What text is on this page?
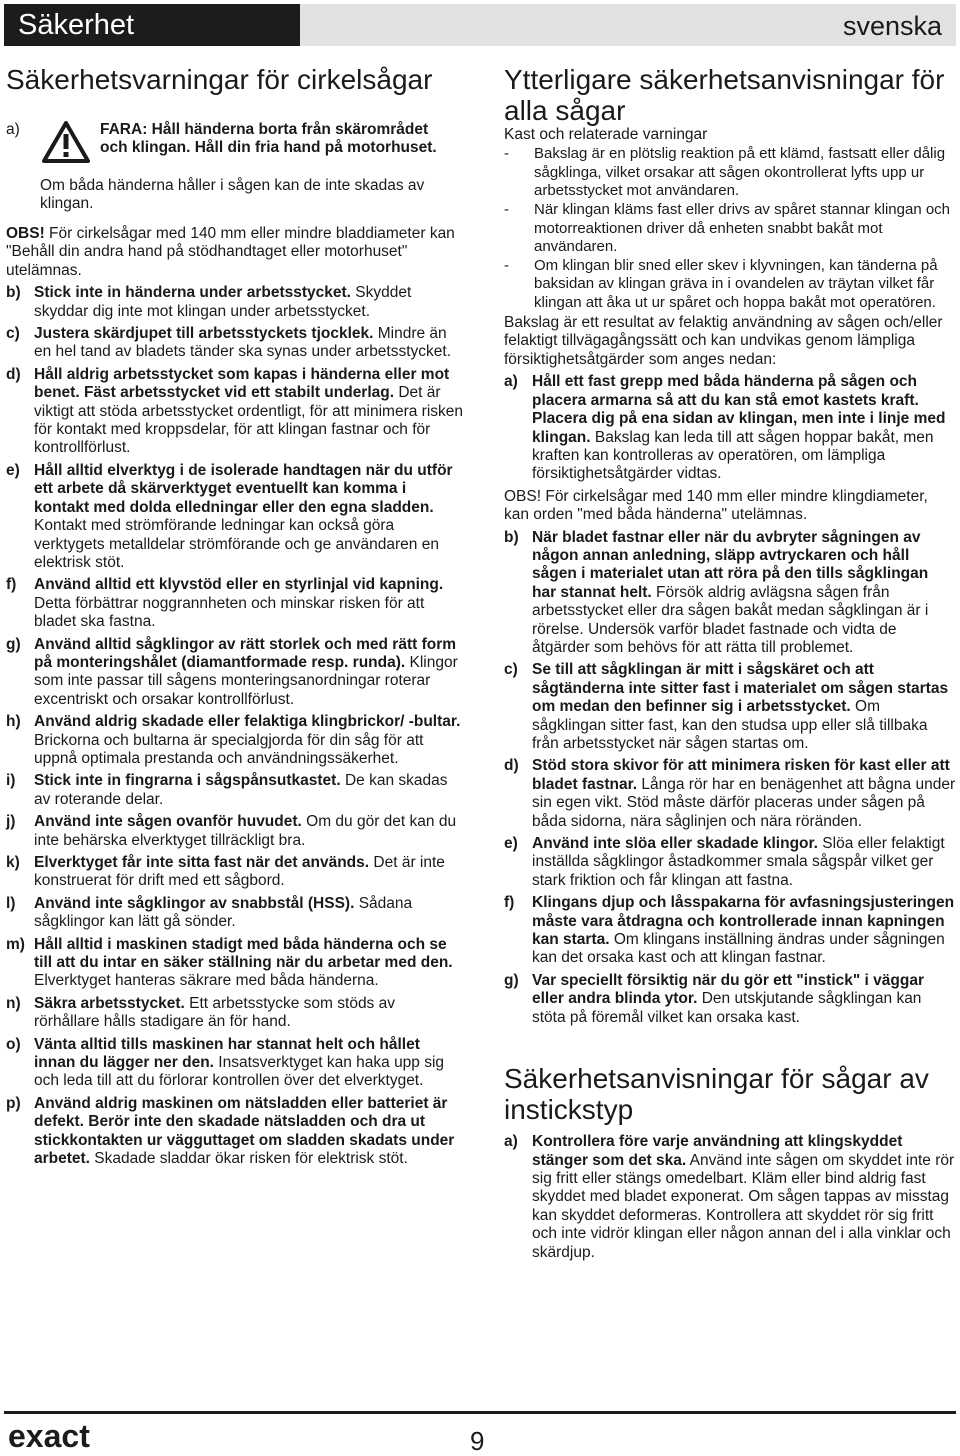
Säkerhet	svenska
Säkerhetsvarningar för cirkelsågar
a)	FARA: Håll händerna borta från skärområdet och klingan. Håll din fria hand på motorhuset.
Om båda händerna håller i sågen kan de inte skadas av klingan.
OBS! För cirkelsågar med 140 mm eller mindre bladdiameter kan "Behåll din andra hand på stödhandtaget eller motorhuset" utelämnas.
b) Stick inte in händerna under arbetsstycket. Skyddet skyddar dig inte mot klingan under arbetsstycket.
c) Justera skärdjupet till arbetsstyckets tjocklek. Mindre än en hel tand av bladets tänder ska synas under arbetsstycket.
d) Håll aldrig arbetsstycket som kapas i händerna eller mot benet. Fäst arbetsstycket vid ett stabilt underlag. Det är viktigt att stöda arbetsstycket ordentligt, för att minimera risken för kontakt med kroppsdelar, för att klingan fastnar och för kontrollförlust.
e) Håll alltid elverktyg i de isolerade handtagen när du utför ett arbete då skärverktyget eventuellt kan komma i kontakt med dolda elledningar eller den egna sladden. Kontakt med strömförande ledningar kan också göra verktygets metalldelar strömförande och ge användaren en elektrisk stöt.
f) Använd alltid ett klyvstöd eller en styrlinjal vid kapning. Detta förbättrar noggrannheten och minskar risken för att bladet ska fastna.
g) Använd alltid sågklingor av rätt storlek och med rätt form på monteringshålet (diamantformade resp. runda). Klingor som inte passar till sågens monteringsanordningar roterar excentriskt och orsakar kontrollförlust.
h) Använd aldrig skadade eller felaktiga klingbrickor/ -bultar. Brickorna och bultarna är specialgjorda för din såg för att uppnå optimala prestanda och användningssäkerhet.
i) Stick inte in fingrarna i sågspånsutkastet. De kan skadas av roterande delar.
j) Använd inte sågen ovanför huvudet. Om du gör det kan du inte behärska elverktyget tillräckligt bra.
k) Elverktyget får inte sitta fast när det används. Det är inte konstruerat för drift med ett sågbord.
l) Använd inte sågklingor av snabbstål (HSS). Sådana sågklingor kan lätt gå sönder.
m) Håll alltid i maskinen stadigt med båda händerna och se till att du intar en säker ställning när du arbetar med den. Elverktyget hanteras säkrare med båda händerna.
n) Säkra arbetsstycket. Ett arbetsstycke som stöds av rörhållare hålls stadigare än för hand.
o) Vänta alltid tills maskinen har stannat helt och hållet innan du lägger ner den. Insatsverktyget kan haka upp sig och leda till att du förlorar kontrollen över det elverktyget.
p) Använd aldrig maskinen om nätsladden eller batteriet är defekt. Berör inte den skadade nätsladden och dra ut stickkontakten ur vägguttaget om sladden skadats under arbetet. Skadade sladdar ökar risken för elektrisk stöt.
Ytterligare säkerhetsanvisningar för alla sågar
Kast och relaterade varningar
- Bakslag är en plötslig reaktion på ett klämd, fastsatt eller dålig sågklinga, vilket orsakar att sågen okontrollerat lyfts upp ur arbetsstycket mot användaren.
- När klingan kläms fast eller drivs av spåret stannar klingan och motorreaktionen driver då enheten snabbt bakåt mot användaren.
- Om klingan blir sned eller skev i klyvningen, kan tänderna på baksidan av klingan gräva in i ovandelen av träytan vilket får klingan att åka ut ur spåret och hoppa bakåt mot operatören.
Bakslag är ett resultat av felaktig användning av sågen och/eller felaktigt tillvägagångssätt och kan undvikas genom lämpliga försiktighetsåtgärder som anges nedan:
a) Håll ett fast grepp med båda händerna på sågen och placera armarna så att du kan stå emot kastets kraft. Placera dig på ena sidan av klingan, men inte i linje med klingan. Bakslag kan leda till att sågen hoppar bakåt, men kraften kan kontrolleras av operatören, om lämpliga försiktighetsåtgärder vidtas.
OBS! För cirkelsågar med 140 mm eller mindre klingdiameter, kan orden "med båda händerna" utelämnas.
b) När bladet fastnar eller när du avbryter sågningen av någon annan anledning, släpp avtryckaren och håll sågen i materialet utan att röra på den tills sågklingan har stannat helt. Försök aldrig avlägsna sågen från arbetsstycket eller dra sågen bakåt medan sågklingan är i rörelse. Undersök varför bladet fastnade och vidta de åtgärder som behövs för att rätta till problemet.
c) Se till att sågklingan är mitt i sågskäret och att sågtänderna inte sitter fast i materialet om sågen startas om medan den befinner sig i arbetsstycket. Om sågklingan sitter fast, kan den studsa upp eller slå tillbaka från arbetsstycket när sågen startas om.
d) Stöd stora skivor för att minimera risken för kast eller att bladet fastnar. Långa rör har en benägenhet att bågna under sin egen vikt. Stöd måste därför placeras under sågen på båda sidorna, nära såglinjen och nära röränden.
e) Använd inte slöa eller skadade klingor. Slöa eller felaktigt inställda sågklingor åstadkommer smala sågspår vilket ger stark friktion och får klingan att fastna.
f) Klingans djup och låsspakarna för avfasningsjusteringen måste vara åtdragna och kontrollerade innan kapningen kan starta. Om klingans inställning ändras under sågningen kan det orsaka kast och att klingan fastnar.
g) Var speciellt försiktig när du gör ett "instick" i väggar eller andra blinda ytor. Den utskjutande sågklingan kan stöta på föremål vilket kan orsaka kast.
Säkerhetsanvisningar för sågar av instickstyp
a) Kontrollera före varje användning att klingskyddet stänger som det ska. Använd inte sågen om skyddet inte rör sig fritt eller stängs omedelbart. Kläm eller bind aldrig fast skyddet med bladet exponerat. Om sågen tappas av misstag kan skyddet deformeras. Kontrollera att skyddet rör sig fritt och inte vidrör klingan eller någon annan del i alla vinklar och skärdjup.
exact	9
